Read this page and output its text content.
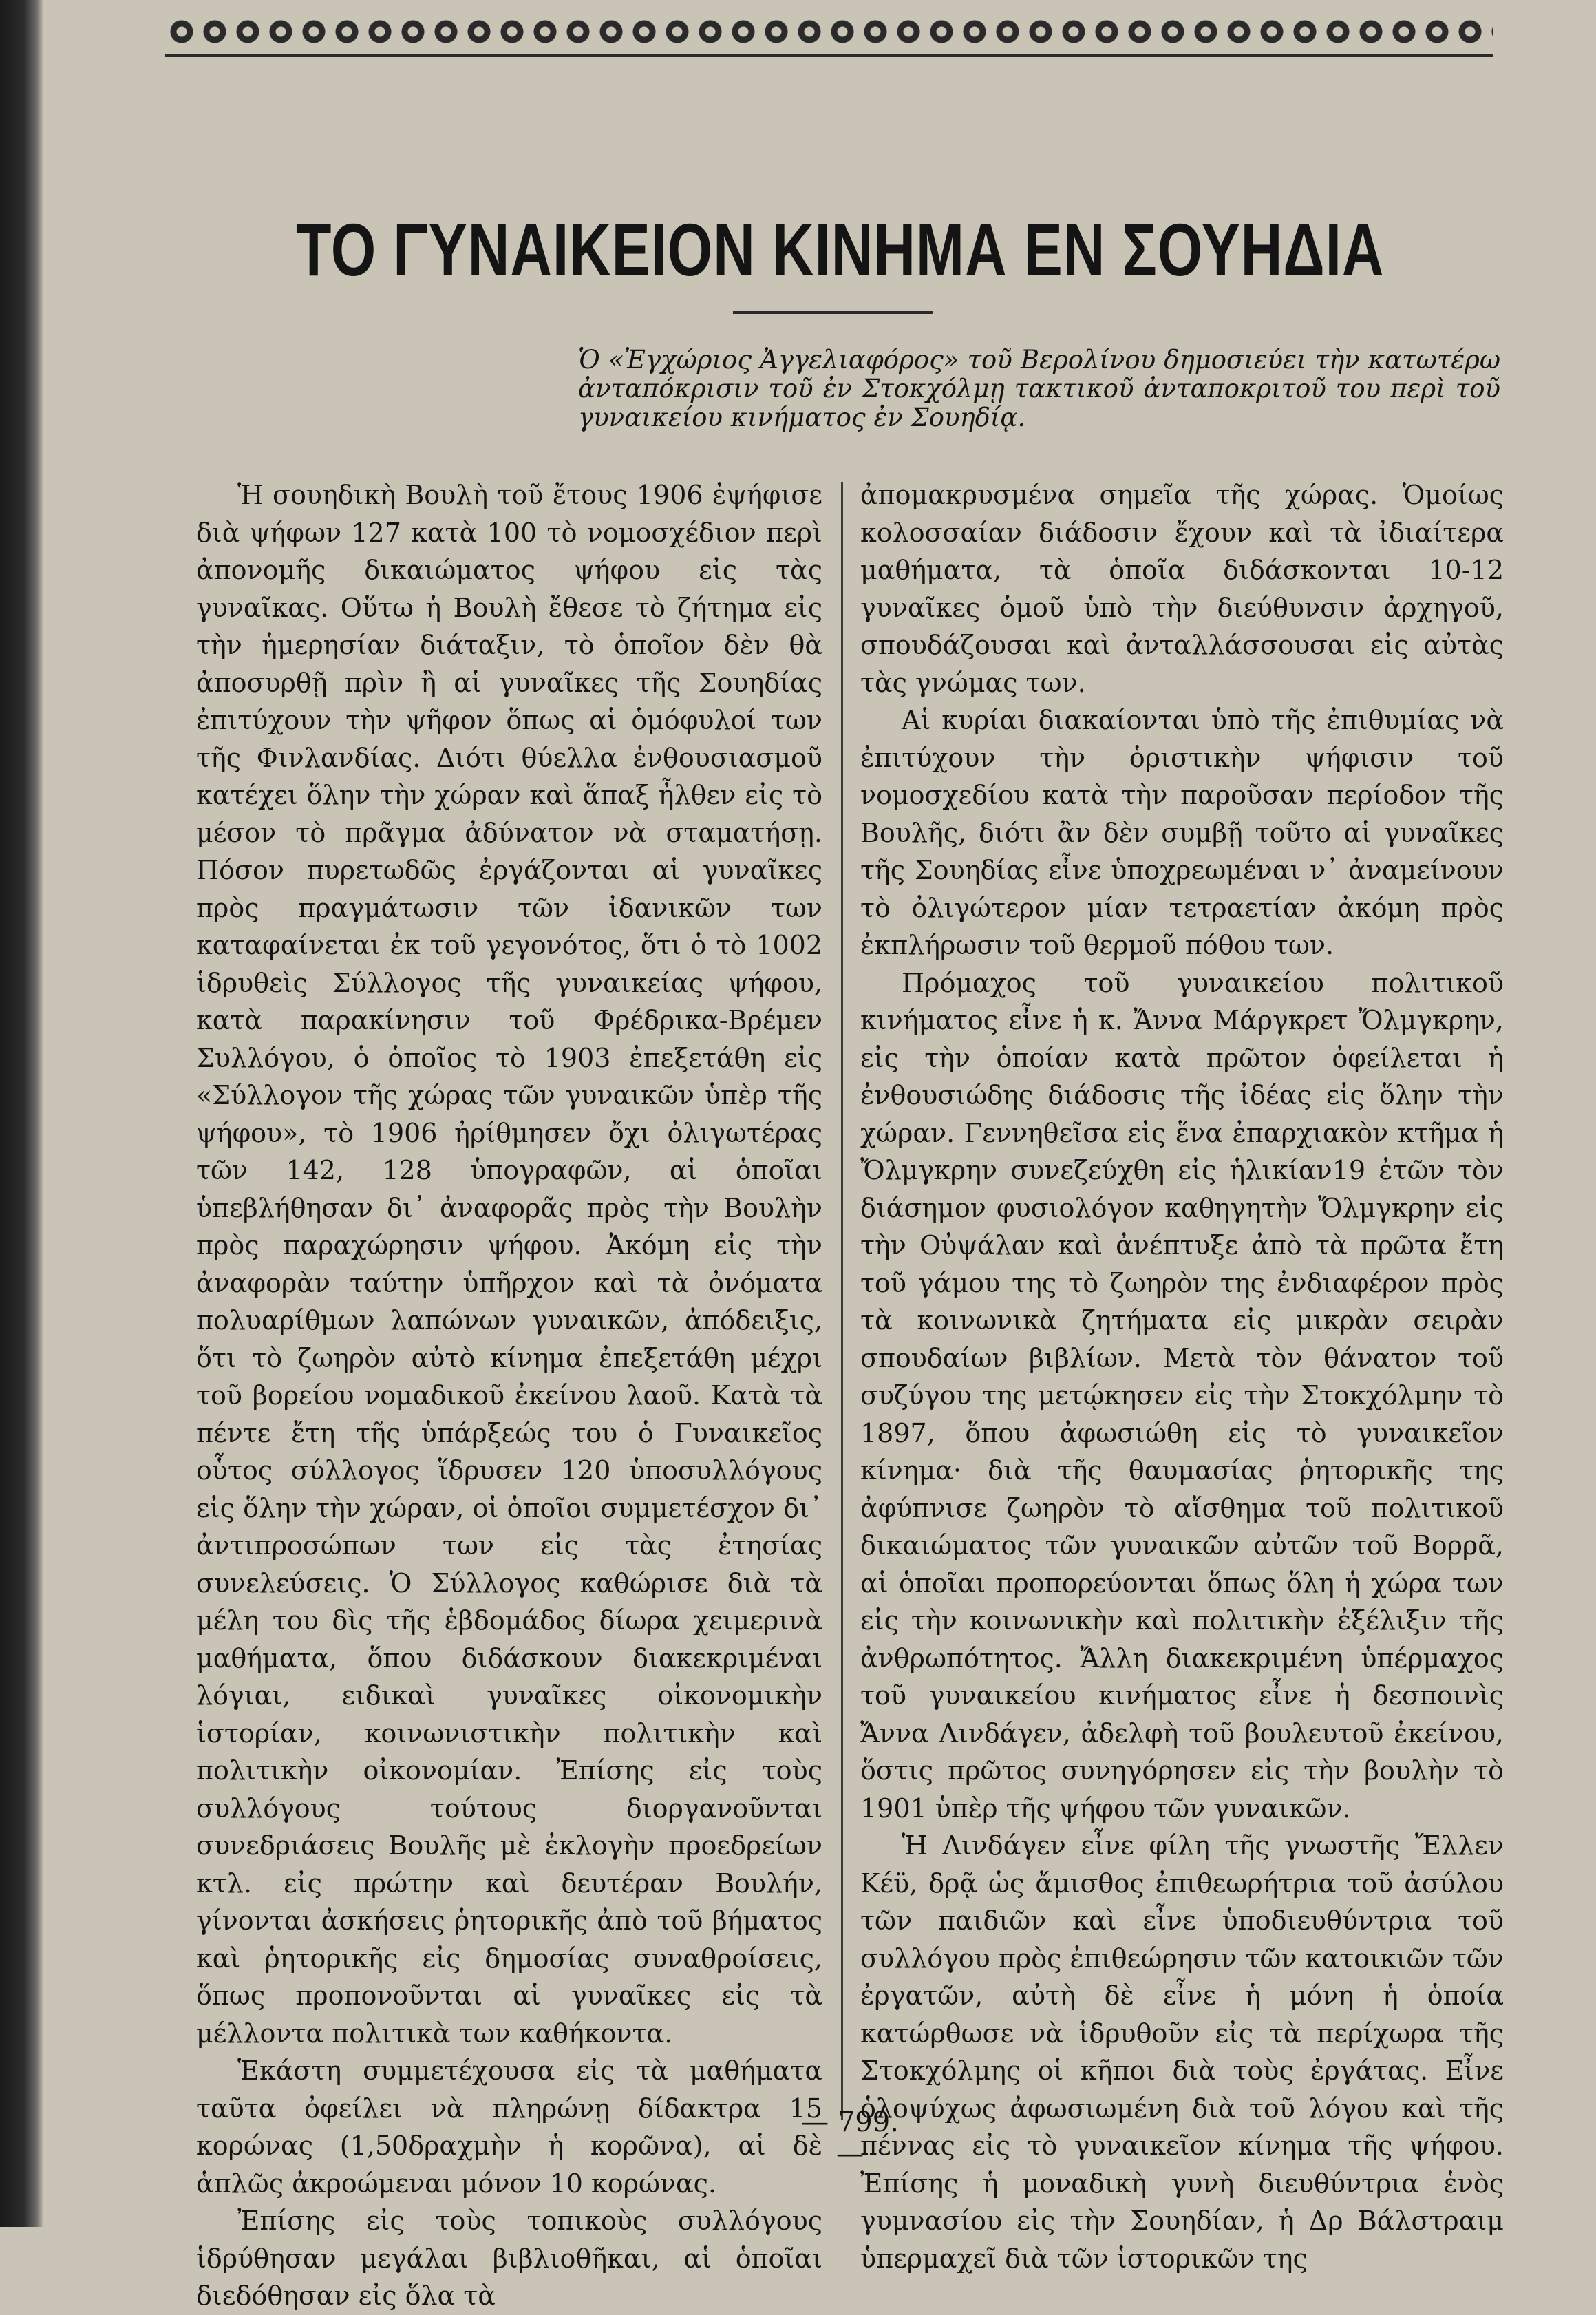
ΤΟ ΓΥΝΑΙΚΕΙΟΝ ΚΙΝΗΜΑ ΕΝ ΣΟΥΗΔΙΑ

Ὁ «Ἐγχώριος Ἀγγελιαφόρος» τοῦ Βερολίνου δημοσιεύει τὴν κατωτέρω ἀνταπόκρισιν τοῦ ἐν Στοκχόλμῃ τακτικοῦ ἀνταποκριτοῦ του περὶ τοῦ γυναικείου κινήματος ἐν Σουηδίᾳ.

Ἡ σουηδικὴ Βουλὴ τοῦ ἔτους 1906 ἐψήφισε διὰ ψήφων 127 κατὰ 100 τὸ νομοσχέδιον περὶ ἀπονομῆς δικαιώματος ψήφου εἰς τὰς γυναῖκας. Οὕτω ἡ Βουλὴ ἔθεσε τὸ ζήτημα εἰς τὴν ἡμερησίαν διάταξιν, τὸ ὁποῖον δὲν θὰ ἀποσυρθῇ πρὶν ἢ αἱ γυναῖκες τῆς Σουηδίας ἐπιτύχουν τὴν ψῆφον ὅπως αἱ ὁμόφυλοί των τῆς Φινλανδίας. Διότι θύελλα ἐνθουσιασμοῦ κατέχει ὅλην τὴν χώραν καὶ ἅπαξ ἦλθεν εἰς τὸ μέσον τὸ πρᾶγμα ἀδύνατον νὰ σταματήσῃ. Πόσον πυρετωδῶς ἐργάζονται αἱ γυναῖκες πρὸς πραγμάτωσιν τῶν ἰδανικῶν των καταφαίνεται ἐκ τοῦ γεγονότος, ὅτι ὁ τὸ 1002 ἱδρυθεὶς Σύλλογος τῆς γυναικείας ψήφου, κατὰ παρακίνησιν τοῦ Φρέδρικα-Βρέμεν Συλλόγου, ὁ ὁποῖος τὸ 1903 ἐπεξετάθη εἰς «Σύλλογον τῆς χώρας τῶν γυναικῶν ὑπὲρ τῆς ψήφου», τὸ 1906 ἠρίθμησεν ὄχι ὀλιγωτέρας τῶν 142, 128 ὑπογραφῶν, αἱ ὁποῖαι ὑπεβλήθησαν δι᾽ ἀναφορᾶς πρὸς τὴν Βουλὴν πρὸς παραχώρησιν ψήφου. Ἀκόμη εἰς τὴν ἀναφορὰν ταύτην ὑπῆρχον καὶ τὰ ὀνόματα πολυαρίθμων λαπώνων γυναικῶν, ἀπόδειξις, ὅτι τὸ ζωηρὸν αὐτὸ κίνημα ἐπεξετάθη μέχρι τοῦ βορείου νομαδικοῦ ἐκείνου λαοῦ. Κατὰ τὰ πέντε ἔτη τῆς ὑπάρξεώς του ὁ Γυναικεῖος οὗτος σύλλογος ἵδρυσεν 120 ὑποσυλλόγους εἰς ὅλην τὴν χώραν, οἱ ὁποῖοι συμμετέσχον δι᾽ ἀντιπροσώπων των εἰς τὰς ἐτησίας συνελεύσεις. Ὁ Σύλλογος καθώρισε διὰ τὰ μέλη του δὶς τῆς ἑβδομάδος δίωρα χειμερινὰ μαθήματα, ὅπου διδάσκουν διακεκριμέναι λόγιαι, ειδικαὶ γυναῖκες οἰκονομικὴν ἱστορίαν, κοινωνιστικὴν πολιτικὴν καὶ πολιτικὴν οἰκονομίαν. Ἐπίσης εἰς τοὺς συλλόγους τούτους διοργανοῦνται συνεδριάσεις Βουλῆς μὲ ἐκλογὴν προεδρείων κτλ. εἰς πρώτην καὶ δευτέραν Βουλήν, γίνονται ἀσκήσεις ῥητορικῆς ἀπὸ τοῦ βήματος καὶ ῥητορικῆς εἰς δημοσίας συναθροίσεις, ὅπως προπονοῦνται αἱ γυναῖκες εἰς τὰ μέλλοντα πολιτικὰ των καθήκοντα.

Ἑκάστη συμμετέχουσα εἰς τὰ μαθήματα ταῦτα ὀφείλει νὰ πληρώνῃ δίδακτρα 15 κορώνας (1,50δραχμὴν ἡ κορῶνα), αἱ δὲ ἁπλῶς ἀκροώμεναι μόνον 10 κορώνας.

Ἐπίσης εἰς τοὺς τοπικοὺς συλλόγους ἱδρύθησαν μεγάλαι βιβλιοθῆκαι, αἱ ὁποῖαι διεδόθησαν εἰς ὅλα τὰ

ἀπομακρυσμένα σημεῖα τῆς χώρας. Ὁμοίως κολοσσαίαν διάδοσιν ἔχουν καὶ τὰ ἰδιαίτερα μαθήματα, τὰ ὁποῖα διδάσκονται 10-12 γυναῖκες ὁμοῦ ὑπὸ τὴν διεύθυνσιν ἀρχηγοῦ, σπουδάζουσαι καὶ ἀνταλλάσσουσαι εἰς αὐτὰς τὰς γνώμας των.

Αἱ κυρίαι διακαίονται ὑπὸ τῆς ἐπιθυμίας νὰ ἐπιτύχουν τὴν ὁριστικὴν ψήφισιν τοῦ νομοσχεδίου κατὰ τὴν παροῦσαν περίοδον τῆς Βουλῆς, διότι ἂν δὲν συμβῇ τοῦτο αἱ γυναῖκες τῆς Σουηδίας εἶνε ὑποχρεωμέναι ν᾽ ἀναμείνουν τὸ ὀλιγώτερον μίαν τετραετίαν ἀκόμη πρὸς ἐκπλήρωσιν τοῦ θερμοῦ πόθου των.

Πρόμαχος τοῦ γυναικείου πολιτικοῦ κινήματος εἶνε ἡ κ. Ἄννα Μάργκρετ Ὄλμγκρην, εἰς τὴν ὁποίαν κατὰ πρῶτον ὀφείλεται ἡ ἐνθουσιώδης διάδοσις τῆς ἰδέας εἰς ὅλην τὴν χώραν. Γεννηθεῖσα εἰς ἕνα ἐπαρχιακὸν κτῆμα ἡ Ὄλμγκρην συνεζεύχθη εἰς ἡλικίαν19 ἐτῶν τὸν διάσημον φυσιολόγον καθηγητὴν Ὄλμγκρην εἰς τὴν Οὐψάλαν καὶ ἀνέπτυξε ἀπὸ τὰ πρῶτα ἔτη τοῦ γάμου της τὸ ζωηρὸν της ἐνδιαφέρον πρὸς τὰ κοινωνικὰ ζητήματα εἰς μικρὰν σειρὰν σπουδαίων βιβλίων. Μετὰ τὸν θάνατον τοῦ συζύγου της μετῴκησεν εἰς τὴν Στοκχόλμην τὸ 1897, ὅπου ἀφωσιώθη εἰς τὸ γυναικεῖον κίνημα· διὰ τῆς θαυμασίας ῥητορικῆς της ἀφύπνισε ζωηρὸν τὸ αἴσθημα τοῦ πολιτικοῦ δικαιώματος τῶν γυναικῶν αὐτῶν τοῦ Βορρᾶ, αἱ ὁποῖαι προπορεύονται ὅπως ὅλη ἡ χώρα των εἰς τὴν κοινωνικὴν καὶ πολιτικὴν ἐξέλιξιν τῆς ἀνθρωπότητος. Ἄλλη διακεκριμένη ὑπέρμαχος τοῦ γυναικείου κινήματος εἶνε ἡ δεσποινὶς Ἄννα Λινδάγεν, ἀδελφὴ τοῦ βουλευτοῦ ἐκείνου, ὅστις πρῶτος συνηγόρησεν εἰς τὴν βουλὴν τὸ 1901 ὑπὲρ τῆς ψήφου τῶν γυναικῶν.

Ἡ Λινδάγεν εἶνε φίλη τῆς γνωστῆς Ἔλλεν Κέϋ, δρᾷ ὡς ἄμισθος ἐπιθεωρήτρια τοῦ ἀσύλου τῶν παιδιῶν καὶ εἶνε ὑποδιευθύντρια τοῦ συλλόγου πρὸς ἐπιθεώρησιν τῶν κατοικιῶν τῶν ἐργατῶν, αὐτὴ δὲ εἶνε ἡ μόνη ἡ ὁποία κατώρθωσε νὰ ἱδρυθοῦν εἰς τὰ περίχωρα τῆς Στοκχόλμης οἱ κῆποι διὰ τοὺς ἐργάτας. Εἶνε ὁλοψύχως ἀφωσιωμένη διὰ τοῦ λόγου καὶ τῆς πέννας εἰς τὸ γυναικεῖον κίνημα τῆς ψήφου. Ἐπίσης ἡ μοναδικὴ γυνὴ διευθύντρια ἑνὸς γυμνασίου εἰς τὴν Σουηδίαν, ἡ Δρ Βάλστραιμ ὑπερμαχεῖ διὰ τῶν ἱστορικῶν της

— 799. —
